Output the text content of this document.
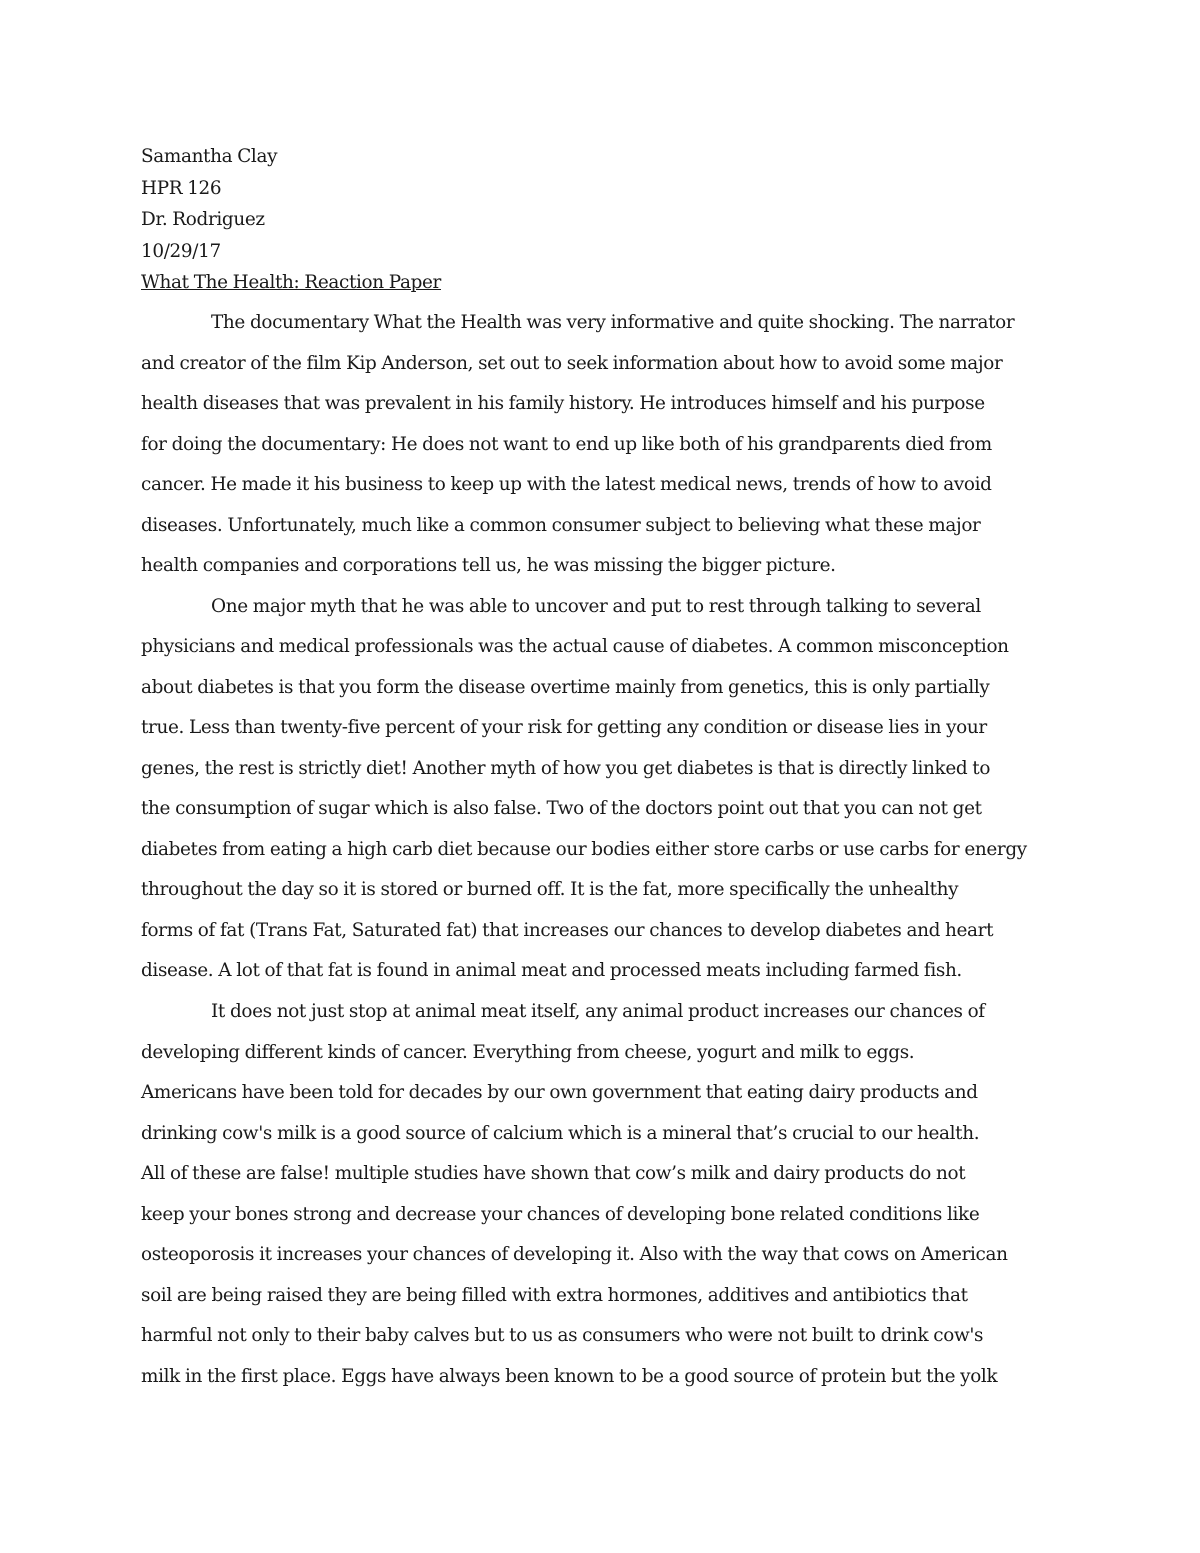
Samantha Clay
HPR 126
Dr. Rodriguez
10/29/17
What The Health: Reaction Paper
The documentary What the Health was very informative and quite shocking. The narrator
and creator of the film Kip Anderson, set out to seek information about how to avoid some major
health diseases that was prevalent in his family history. He introduces himself and his purpose
for doing the documentary: He does not want to end up like both of his grandparents died from
cancer. He made it his business to keep up with the latest medical news, trends of how to avoid
diseases. Unfortunately, much like a common consumer subject to believing what these major
health companies and corporations tell us, he was missing the bigger picture.
One major myth that he was able to uncover and put to rest through talking to several
physicians and medical professionals was the actual cause of diabetes. A common misconception
about diabetes is that you form the disease overtime mainly from genetics, this is only partially
true. Less than twenty-five percent of your risk for getting any condition or disease lies in your
genes, the rest is strictly diet! Another myth of how you get diabetes is that is directly linked to
the consumption of sugar which is also false. Two of the doctors point out that you can not get
diabetes from eating a high carb diet because our bodies either store carbs or use carbs for energy
throughout the day so it is stored or burned off. It is the fat, more specifically the unhealthy
forms of fat (Trans Fat, Saturated fat) that increases our chances to develop diabetes and heart
disease. A lot of that fat is found in animal meat and processed meats including farmed fish.
It does not just stop at animal meat itself, any animal product increases our chances of
developing different kinds of cancer. Everything from cheese, yogurt and milk to eggs.
Americans have been told for decades by our own government that eating dairy products and
drinking cow's milk is a good source of calcium which is a mineral that’s crucial to our health.
All of these are false! multiple studies have shown that cow’s milk and dairy products do not
keep your bones strong and decrease your chances of developing bone related conditions like
osteoporosis it increases your chances of developing it. Also with the way that cows on American
soil are being raised they are being filled with extra hormones, additives and antibiotics that
harmful not only to their baby calves but to us as consumers who were not built to drink cow's
milk in the first place. Eggs have always been known to be a good source of protein but the yolk
